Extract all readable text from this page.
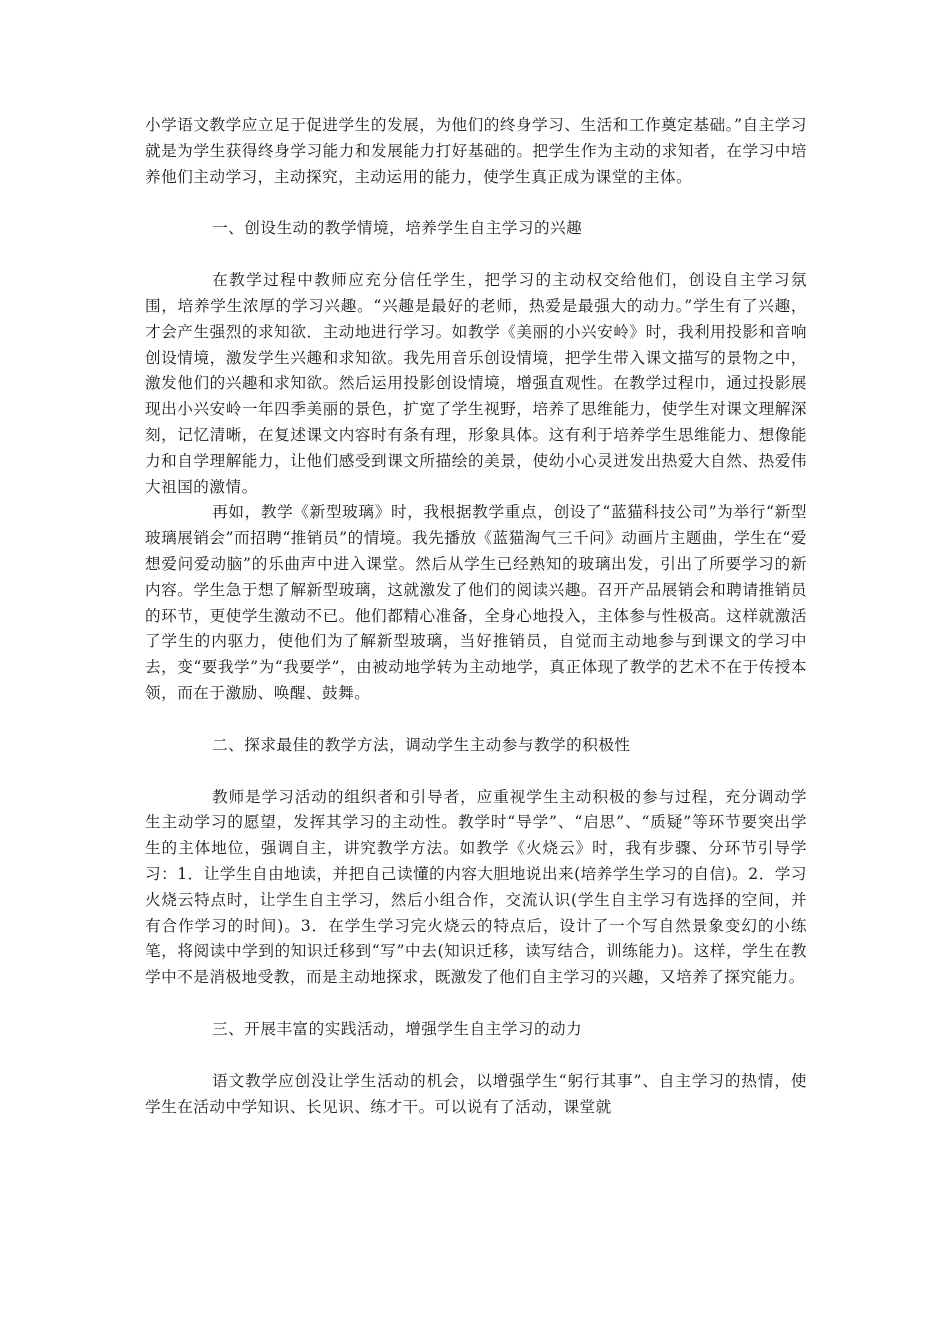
小学语文教学应立足于促进学生的发展，为他们的终身学习、生活和工作奠定基础。”自主学习就是为学生获得终身学习能力和发展能力打好基础的。把学生作为主动的求知者，在学习中培养他们主动学习，主动探究，主动运用的能力，使学生真正成为课堂的主体。

一、创设生动的教学情境，培养学生自主学习的兴趣

在教学过程中教师应充分信任学生，把学习的主动权交给他们，创设自主学习氛围，培养学生浓厚的学习兴趣。“兴趣是最好的老师，热爱是最强大的动力。”学生有了兴趣，才会产生强烈的求知欲．主动地进行学习。如教学《美丽的小兴安岭》时，我利用投影和音响创设情境，激发学生兴趣和求知欲。我先用音乐创设情境，把学生带入课文描写的景物之中，激发他们的兴趣和求知欲。然后运用投影创设情境，增强直观性。在教学过程巾，通过投影展现出小兴安岭一年四季美丽的景色，扩宽了学生视野，培养了思维能力，使学生对课文理解深刻，记忆清晰，在复述课文内容时有条有理，形象具体。这有利于培养学生思维能力、想像能力和自学理解能力，让他们感受到课文所描绘的美景，使幼小心灵迸发出热爱大自然、热爱伟大祖国的激情。

再如，教学《新型玻璃》时，我根据教学重点，创设了“蓝猫科技公司”为举行“新型玻璃展销会”而招聘“推销员”的情境。我先播放《蓝猫淘气三千问》动画片主题曲，学生在“爱想爱问爱动脑”的乐曲声中进入课堂。然后从学生已经熟知的玻璃出发，引出了所要学习的新内容。学生急于想了解新型玻璃，这就激发了他们的阅读兴趣。召开产品展销会和聘请推销员的环节，更使学生激动不已。他们都精心准备，全身心地投入，主体参与性极高。这样就激活了学生的内驱力，使他们为了解新型玻璃，当好推销员，自觉而主动地参与到课文的学习中去，变“要我学”为“我要学”，由被动地学转为主动地学，真正体现了教学的艺术不在于传授本领，而在于激励、唤醒、鼓舞。

二、探求最佳的教学方法，调动学生主动参与教学的积极性

教师是学习活动的组织者和引导者，应重视学生主动积极的参与过程，充分调动学生主动学习的愿望，发挥其学习的主动性。教学时“导学”、“启思”、“质疑”等环节要突出学生的主体地位，强调自主，讲究教学方法。如教学《火烧云》时，我有步骤、分环节引导学习：1．让学生自由地读，并把自己读懂的内容大胆地说出来(培养学生学习的自信)。2．学习火烧云特点时，让学生自主学习，然后小组合作，交流认识(学生自主学习有选择的空间，并有合作学习的时间)。3．在学生学习完火烧云的特点后，设计了一个写自然景象变幻的小练笔，将阅读中学到的知识迁移到“写”中去(知识迁移，读写结合，训练能力)。这样，学生在教学中不是消极地受教，而是主动地探求，既激发了他们自主学习的兴趣，又培养了探究能力。

三、开展丰富的实践活动，增强学生自主学习的动力

语文教学应创没让学生活动的机会，以增强学生“躬行其事”、自主学习的热情，使学生在活动中学知识、长见识、练才干。可以说有了活动，课堂就
